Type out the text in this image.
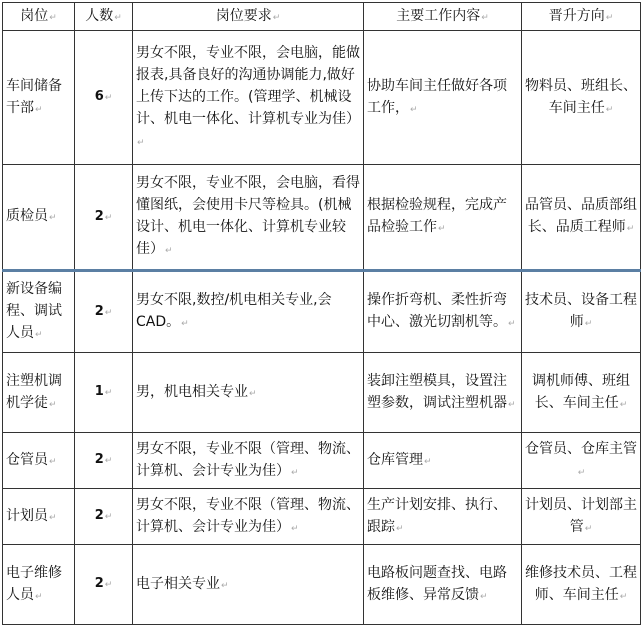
岗位↵	人数↵	岗位要求↵	主要工作内容↵	晋升方向↵
车间储备干部↵	6↵	男女不限，专业不限，会电脑，能做报表,具备良好的沟通协调能力,做好上传下达的工作。(管理学、机械设计、机电一体化、计算机专业为佳）↵	协助车间主任做好各项工作，↵	物料员、班组长、车间主任↵
质检员↵	2↵	男女不限，专业不限，会电脑，看得懂图纸，会使用卡尺等检具。(机械设计、机电一体化、计算机专业较佳）↵	根据检验规程，完成产品检验工作↵	品管员、品质部组长、品质工程师↵
新设备编程、调试人员↵	2↵	男女不限,数控/机电相关专业,会 CAD。↵	操作折弯机、柔性折弯中心、激光切割机等。↵	技术员、设备工程师↵
注塑机调机学徒↵	1↵	男，机电相关专业↵	装卸注塑模具，设置注塑参数，调试注塑机器↵	调机师傅、班组长、车间主任↵
仓管员↵	2↵	男女不限，专业不限（管理、物流、计算机、会计专业为佳）↵	仓库管理↵	仓管员、仓库主管↵
计划员↵	2↵	男女不限，专业不限（管理、物流、计算机、会计专业为佳）↵	生产计划安排、执行、跟踪↵	计划员、计划部主管↵
电子维修人员↵	2↵	电子相关专业↵	电路板问题查找、电路板维修、异常反馈↵	维修技术员、工程师、车间主任↵
